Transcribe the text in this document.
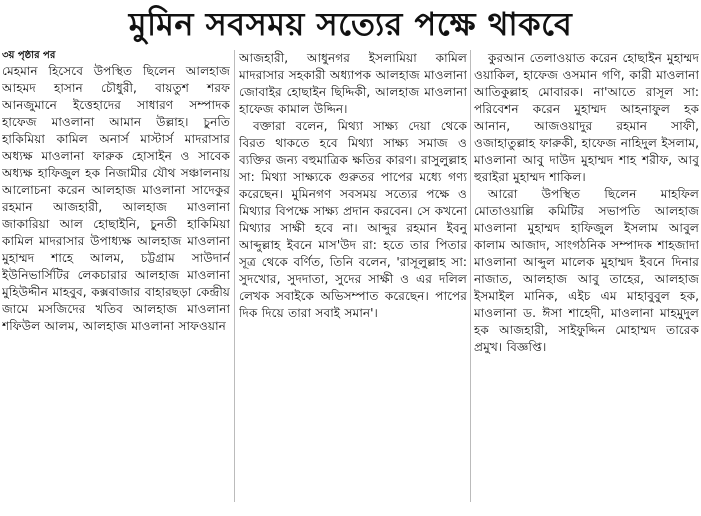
মুমিন সবসময় সত্যের পক্ষে থাকবে
৩য় পৃষ্ঠার পর

মেহমান হিসেবে উপস্থিত ছিলেন আলহাজ আহমদ হাসান চৌধুরী, বায়তুশ শরফ আনজুমানে ইত্তেহাদের সাধারণ সম্পাদক হাফেজ মাওলানা আমান উল্লাহ। চুনতি হাকিমিয়া কামিল অনার্স মাস্টার্স মাদরাসার অধ্যক্ষ মাওলানা ফারুক হোসাইন ও সাবেক অধ্যক্ষ হাফিজুল হক নিজামীর যৌথ সঞ্চালনায় আলোচনা করেন আলহাজ মাওলানা সাদেকুর রহমান আজহারী, আলহাজ মাওলানা জাকারিয়া আল হোছাইনি, চুনতী হাকিমিয়া কামিল মাদরাসার উপাধ্যক্ষ আলহাজ মাওলানা মুহাম্মদ শাহে আলম, চট্টগ্রাম সাউদার্ন ইউনিভার্সিটির লেকচারার আলহাজ মাওলানা মুহিউদ্দীন মাহবুব, কক্সবাজার বাহারছড়া কেন্দ্রীয় জামে মসজিদের খতিব আলহাজ মাওলানা শফিউল আলম, আলহাজ মাওলানা সাফওয়ান

আজহারী, আধুনগর ইসলামিয়া কামিল মাদরাসার সহকারী অধ্যাপক আলহাজ মাওলানা জোবাইর হোছাইন ছিদ্দিকী, আলহাজ মাওলানা হাফেজ কামাল উদ্দিন।

বক্তারা বলেন, মিথ্যা সাক্ষ্য দেয়া থেকে বিরত থাকতে হবে মিথ্যা সাক্ষ্য সমাজ ও ব্যক্তির জন্য বহুমাত্রিক ক্ষতির কারণ। রাসুলুল্লাহ সা: মিথ্যা সাক্ষ্যকে গুরুতর পাপের মধ্যে গণ্য করেছেন। মুমিনগণ সবসময় সত্যের পক্ষে ও মিথ্যার বিপক্ষে সাক্ষ্য প্রদান করবেন। সে কখনো মিথ্যার সাক্ষী হবে না। আব্দুর রহমান ইবনু আব্দুল্লাহ ইবনে মাস'উদ রা: হতে তার পিতার সূত্র থেকে বর্ণিত, তিনি বলেন, 'রাসূলুল্লাহ সা: সুদখোর, সুদদাতা, সুদের সাক্ষী ও এর দলিল লেখক সবাইকে অভিসম্পাত করেছেন। পাপের দিক দিয়ে তারা সবাই সমান'।

কুরআন তেলাওয়াত করেন হোছাইন মুহাম্মদ ওয়াকিল, হাফেজ ওসমান গণি, কারী মাওলানা আতিকুল্লাহ মোবারক। না'আতে রাসূল সা: পরিবেশন করেন মুহাম্মদ আহনাফুল হক আনান, আজওয়াদুর রহমান সাফী, ওজাহাতুল্লাহ ফারুকী, হাফেজ নাহিদুল ইসলাম, মাওলানা আবু দাউদ মুহাম্মদ শাহ শরীফ, আবু হুরাইরা মুহাম্মদ শাকিল।

আরো উপস্থিত ছিলেন মাহফিল মোতাওয়াল্লি কমিটির সভাপতি আলহাজ মাওলানা মুহাম্মদ হাফিজুল ইসলাম আবুল কালাম আজাদ, সাংগঠনিক সম্পাদক শাহজাদা মাওলানা আব্দুল মালেক মুহাম্মদ ইবনে দিনার নাজাত, আলহাজ আবু তাহের, আলহাজ ইসমাইল মানিক, এইচ এম মাহাবুবুল হক, মাওলানা ড. ঈসা শাহেদী, মাওলানা মাহমুদুল হক আজহারী, সাইফুদ্দিন মোহাম্মদ তারেক প্রমুখ। বিজ্ঞপ্তি।
